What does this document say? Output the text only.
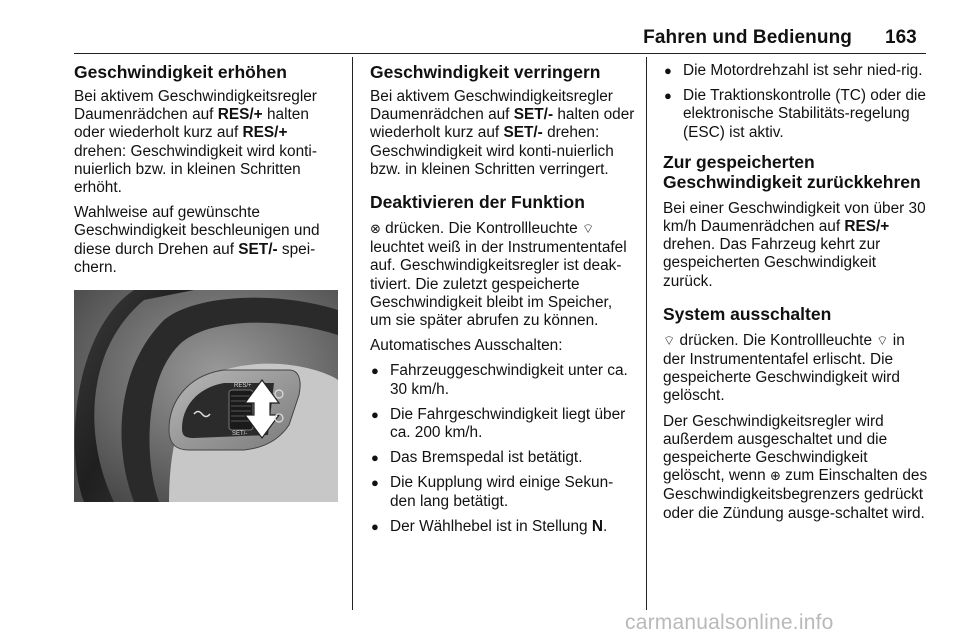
Fahren und Bedienung 163
Geschwindigkeit erhöhen

Bei aktivem Geschwindigkeitsregler Daumenrädchen auf RES/+ halten oder wiederholt kurz auf RES/+ drehen: Geschwindigkeit wird konti-nuierlich bzw. in kleinen Schritten erhöht.

Wahlweise auf gewünschte Geschwindigkeit beschleunigen und diese durch Drehen auf SET/- spei-chern.

RES/+
SET/-
Geschwindigkeit verringern

Bei aktivem Geschwindigkeitsregler Daumenrädchen auf SET/- halten oder wiederholt kurz auf SET/- drehen: Geschwindigkeit wird konti-nuierlich bzw. in kleinen Schritten verringert.

Deaktivieren der Funktion

⊗ drücken. Die Kontrollleuchte ⌔ leuchtet weiß in der Instrumententafel auf. Geschwindigkeitsregler ist deak-tiviert. Die zuletzt gespeicherte Geschwindigkeit bleibt im Speicher, um sie später abrufen zu können.

Automatisches Ausschalten:

● Fahrzeuggeschwindigkeit unter ca. 30 km/h.
● Die Fahrgeschwindigkeit liegt über ca. 200 km/h.
● Das Bremspedal ist betätigt.
● Die Kupplung wird einige Sekun-den lang betätigt.
● Der Wählhebel ist in Stellung N.
● Die Motordrehzahl ist sehr nied-rig.
● Die Traktionskontrolle (TC) oder die elektronische Stabilitäts-regelung (ESC) ist aktiv.
Zur gespeicherten Geschwindigkeit zurückkehren

Bei einer Geschwindigkeit von über 30 km/h Daumenrädchen auf RES/+ drehen. Das Fahrzeug kehrt zur gespeicherten Geschwindigkeit zurück.

System ausschalten

⌔ drücken. Die Kontrollleuchte ⌔ in der Instrumententafel erlischt. Die gespeicherte Geschwindigkeit wird gelöscht.

Der Geschwindigkeitsregler wird außerdem ausgeschaltet und die gespeicherte Geschwindigkeit gelöscht, wenn ⊕ zum Einschalten des Geschwindigkeitsbegrenzers gedrückt oder die Zündung ausge-schaltet wird.

carmanualsonline.info
